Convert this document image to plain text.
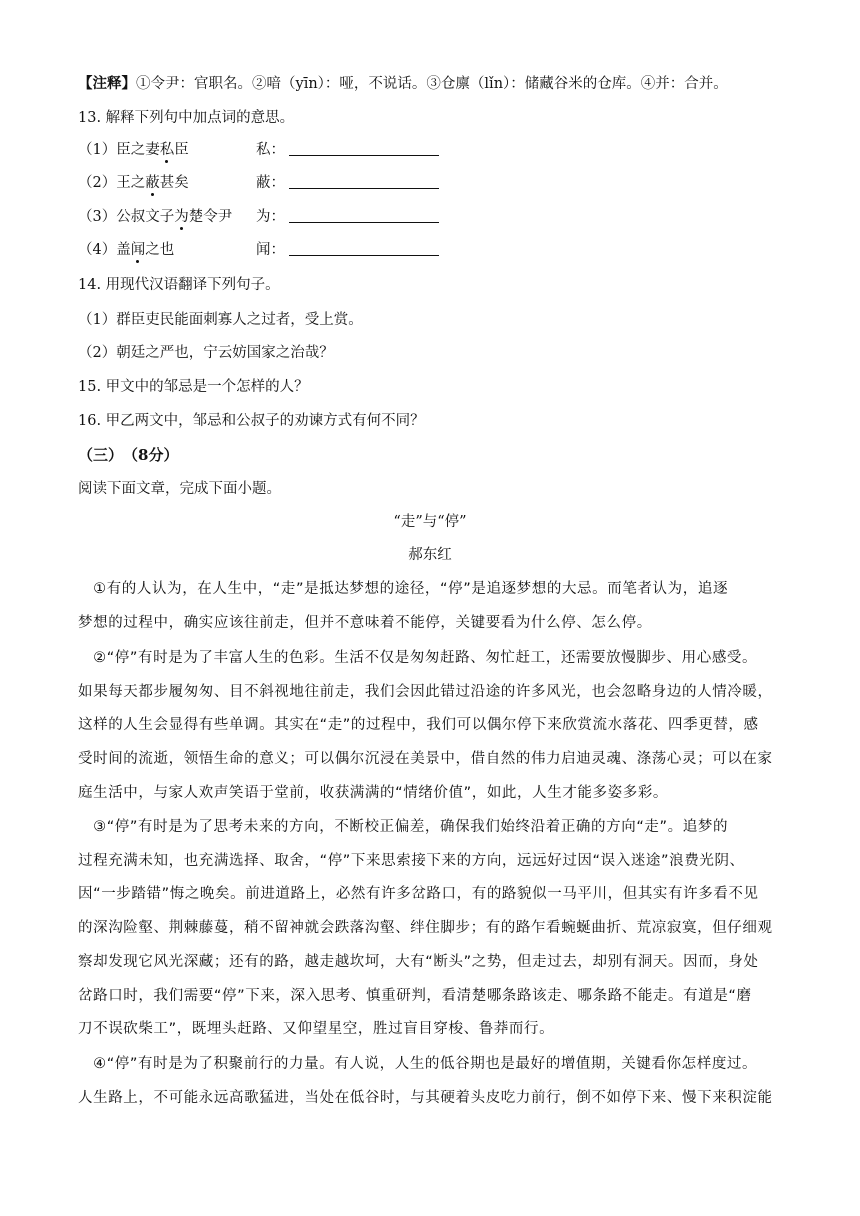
【注释】①令尹：官职名。②喑（yīn）：哑，不说话。③仓廪（lǐn）：储藏谷米的仓库。④并：合并。
13. 解释下列句中加点词的意思。
（1）臣之妻私臣	私：
（2）王之蔽甚矣	蔽：
（3）公叔文子为楚令尹 为：
（4）盖闻之也	闻：
14. 用现代汉语翻译下列句子。
（1）群臣吏民能面刺寡人之过者，受上赏。
（2）朝廷之严也，宁云妨国家之治哉？
15. 甲文中的邹忌是一个怎样的人？
16. 甲乙两文中，邹忌和公叔子的劝谏方式有何不同？
（三）　（8分）
阅读下面文章，完成下面小题。
“走”与“停”
郝东红
　①有的人认为，在人生中，“走”是抵达梦想的途径，“停”是追逐梦想的大忌。而笔者认为，追逐
梦想的过程中，确实应该往前走，但并不意味着不能停，关键要看为什么停、怎么停。
　②“停”有时是为了丰富人生的色彩。生活不仅是匆匆赶路、匆忙赶工，还需要放慢脚步、用心感受。
如果每天都步履匆匆、目不斜视地往前走，我们会因此错过沿途的许多风光，也会忽略身边的人情冷暖，
这样的人生会显得有些单调。其实在“走”的过程中，我们可以偶尔停下来欣赏流水落花、四季更替，感
受时间的流逝，领悟生命的意义；可以偶尔沉浸在美景中，借自然的伟力启迪灵魂、涤荡心灵；可以在家
庭生活中，与家人欢声笑语于堂前，收获满满的“情绪价值”，如此，人生才能多姿多彩。
　③“停”有时是为了思考未来的方向，不断校正偏差，确保我们始终沿着正确的方向“走”。追梦的
过程充满未知，也充满选择、取舍，“停”下来思索接下来的方向，远远好过因“误入迷途”浪费光阴、
因“一步踏错”悔之晚矣。前进道路上，必然有许多岔路口，有的路貌似一马平川，但其实有许多看不见
的深沟险壑、荆棘藤蔓，稍不留神就会跌落沟壑、绊住脚步；有的路乍看蜿蜒曲折、荒凉寂寞，但仔细观
察却发现它风光深藏；还有的路，越走越坎坷，大有“断头”之势，但走过去，却别有洞天。因而，身处
岔路口时，我们需要“停”下来，深入思考、慎重研判，看清楚哪条路该走、哪条路不能走。有道是“磨
刀不误砍柴工”，既埋头赶路、又仰望星空，胜过盲目穿梭、鲁莽而行。
　④“停”有时是为了积聚前行的力量。有人说，人生的低谷期也是最好的增值期，关键看你怎样度过。
人生路上，不可能永远高歌猛进，当处在低谷时，与其硬着头皮吃力前行，倒不如停下来、慢下来积淀能
